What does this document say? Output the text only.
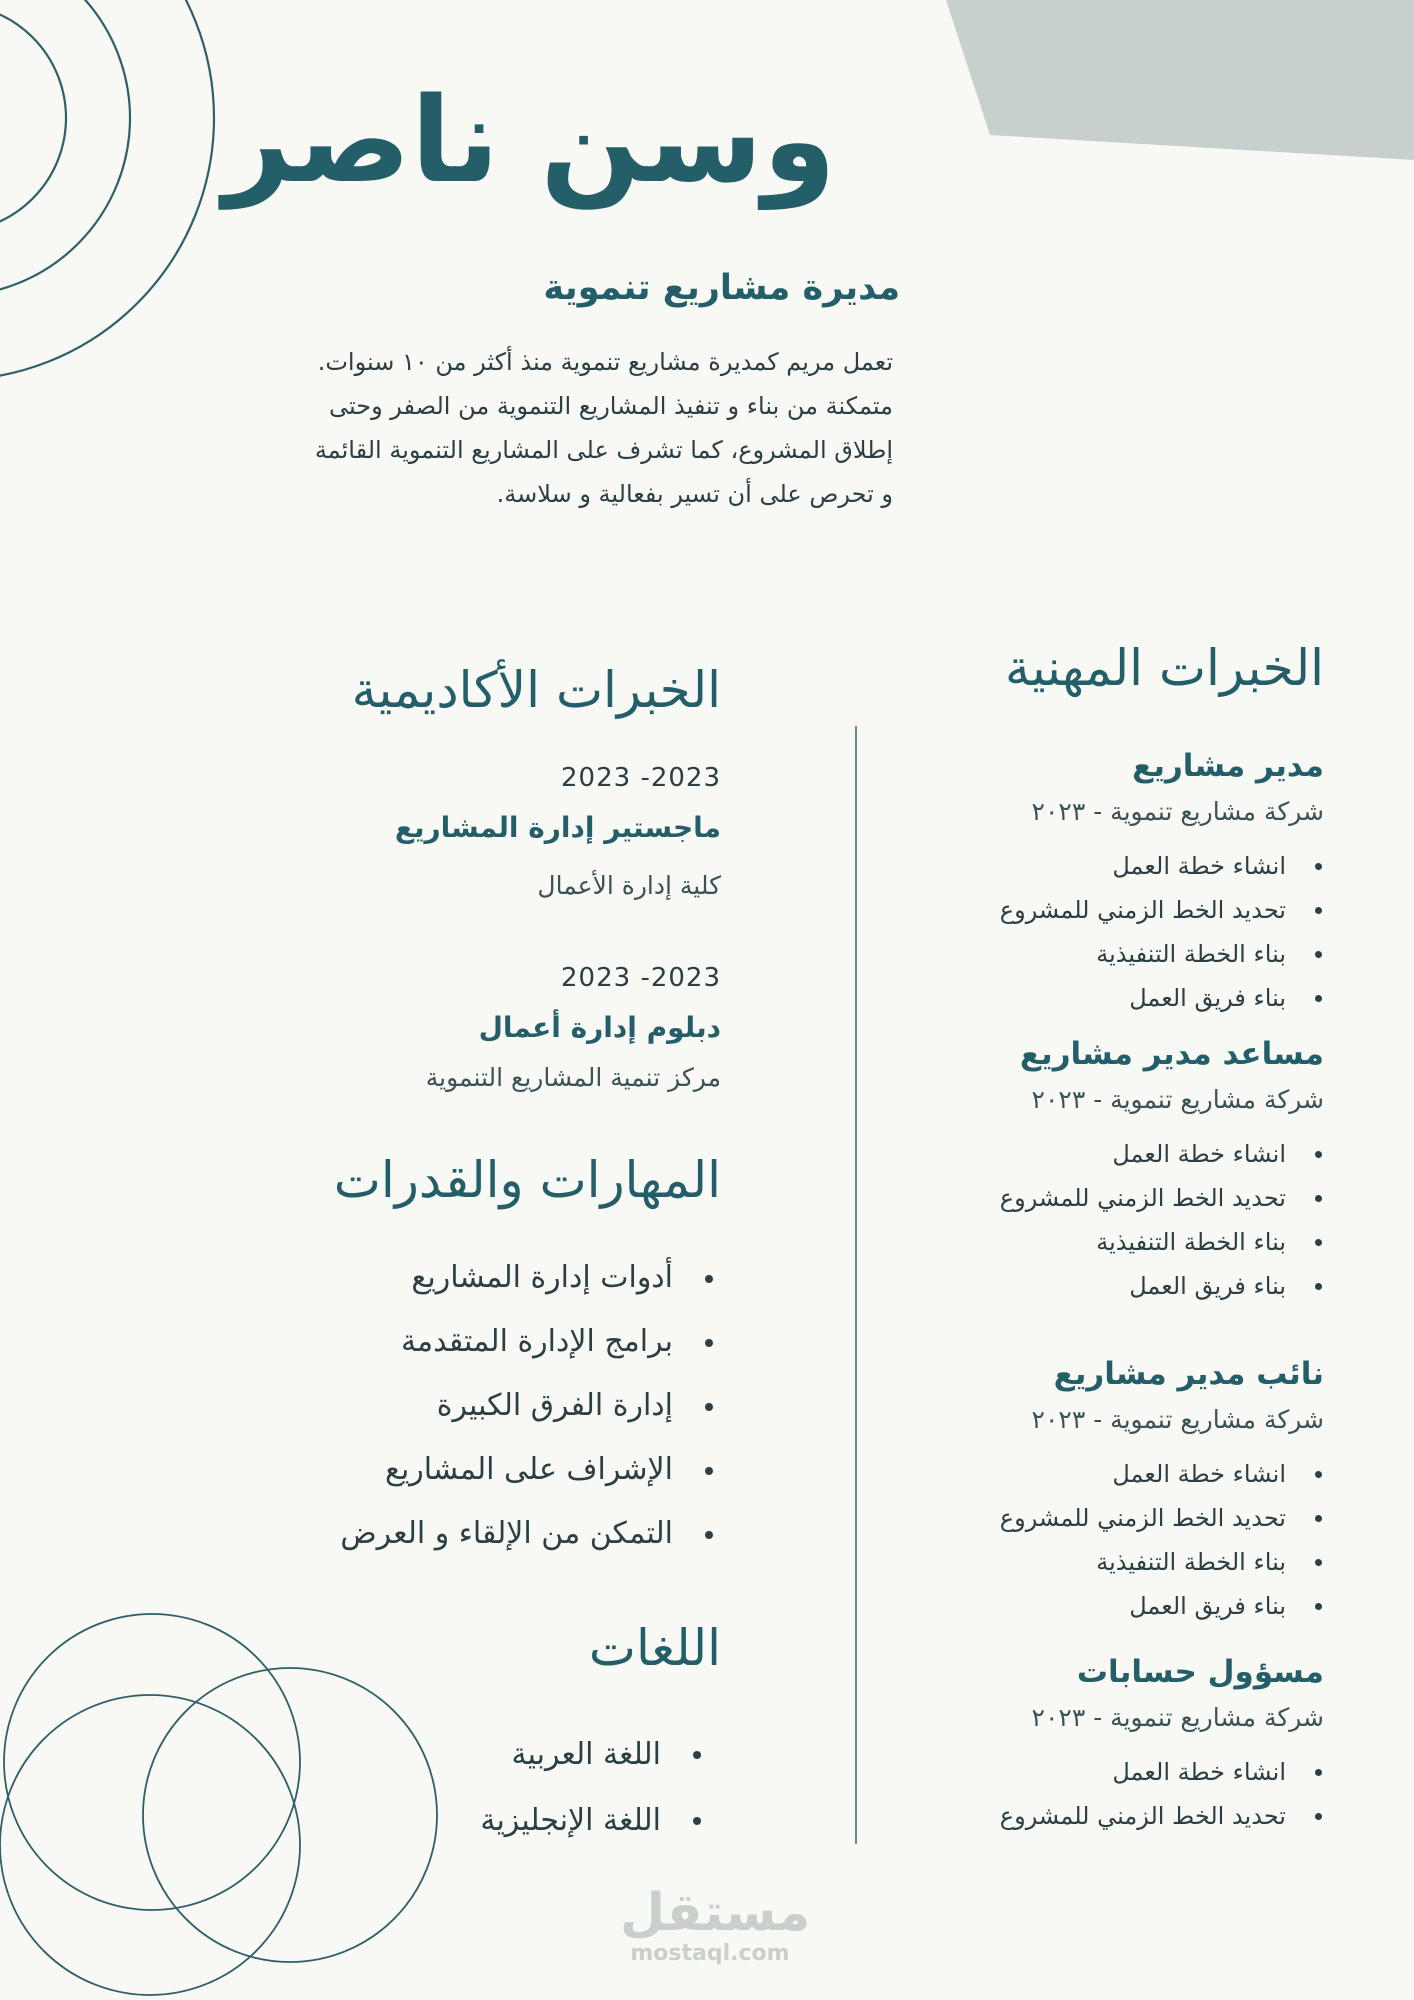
وسن ناصر
مديرة مشاريع تنموية
تعمل مريم كمديرة مشاريع تنموية منذ أكثر من ١٠ سنوات.
متمكنة من بناء و تنفيذ المشاريع التنموية من الصفر وحتى
إطلاق المشروع، كما تشرف على المشاريع التنموية القائمة
و تحرص على أن تسير بفعالية و سلاسة.
الخبرات المهنية
مدير مشاريع
شركة مشاريع تنموية - ٢٠٢٣
انشاء خطة العمل
تحديد الخط الزمني للمشروع
بناء الخطة التنفيذية
بناء فريق العمل
مساعد مدير مشاريع
شركة مشاريع تنموية - ٢٠٢٣
انشاء خطة العمل
تحديد الخط الزمني للمشروع
بناء الخطة التنفيذية
بناء فريق العمل
نائب مدير مشاريع
شركة مشاريع تنموية - ٢٠٢٣
انشاء خطة العمل
تحديد الخط الزمني للمشروع
بناء الخطة التنفيذية
بناء فريق العمل
مسؤول حسابات
شركة مشاريع تنموية - ٢٠٢٣
انشاء خطة العمل
تحديد الخط الزمني للمشروع
الخبرات الأكاديمية
2023 -2023
ماجستير إدارة المشاريع
كلية إدارة الأعمال
2023 -2023
دبلوم إدارة أعمال
مركز تنمية المشاريع التنموية
المهارات والقدرات
أدوات إدارة المشاريع
برامج الإدارة المتقدمة
إدارة الفرق الكبيرة
الإشراف على المشاريع
التمكن من الإلقاء و العرض
اللغات
اللغة العربية
اللغة الإنجليزية
مستقل
mostaql.com
